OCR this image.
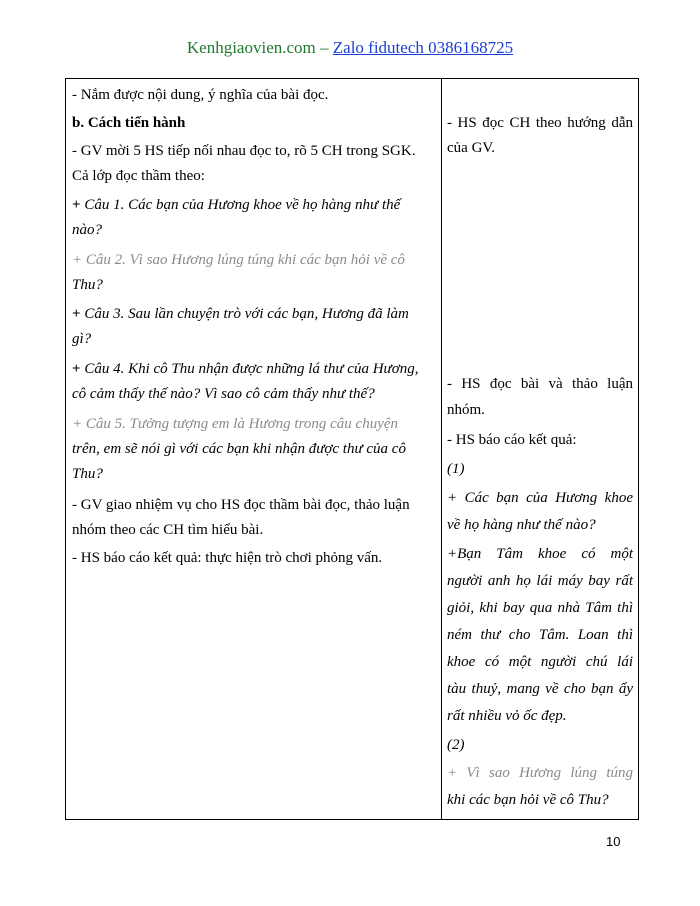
Kenhgiaovien.com – Zalo fidutech 0386168725
- Nắm được nội dung, ý nghĩa của bài đọc.
b. Cách tiến hành
- GV mời 5 HS tiếp nối nhau đọc to, rõ 5 CH trong SGK.
Cả lớp đọc thầm theo:
+ Câu 1. Các bạn của Hương khoe về họ hàng như thế
nào?
+ Câu 2. Vì sao Hương lúng túng khi các bạn hỏi về cô
Thu?
+ Câu 3. Sau lần chuyện trò với các bạn, Hương đã làm
gì?
+ Câu 4. Khi cô Thu nhận được những lá thư của Hương,
cô cảm thấy thế nào? Vì sao cô cảm thấy như thế?
+ Câu 5. Tưởng tượng em là Hương trong câu chuyện
trên, em sẽ nói gì với các bạn khi nhận được thư của cô
Thu?
- GV giao nhiệm vụ cho HS đọc thầm bài đọc, thảo luận
nhóm theo các CH tìm hiểu bài.
- HS báo cáo kết quả: thực hiện trò chơi phỏng vấn.
- HS đọc CH theo hướng dẫn
của GV.
- HS đọc bài và thảo luận
nhóm.
- HS báo cáo kết quả:
(1)
+ Các bạn của Hương khoe
về họ hàng như thế nào?
+Bạn Tâm khoe có một
người anh họ lái máy bay rất
giỏi, khi bay qua nhà Tâm thì
ném thư cho Tâm. Loan thì
khoe có một người chú lái
tàu thuỷ, mang về cho bạn ấy
rất nhiều vỏ ốc đẹp.
(2)
+ Vì sao Hương lúng túng
khi các bạn hỏi về cô Thu?
10
